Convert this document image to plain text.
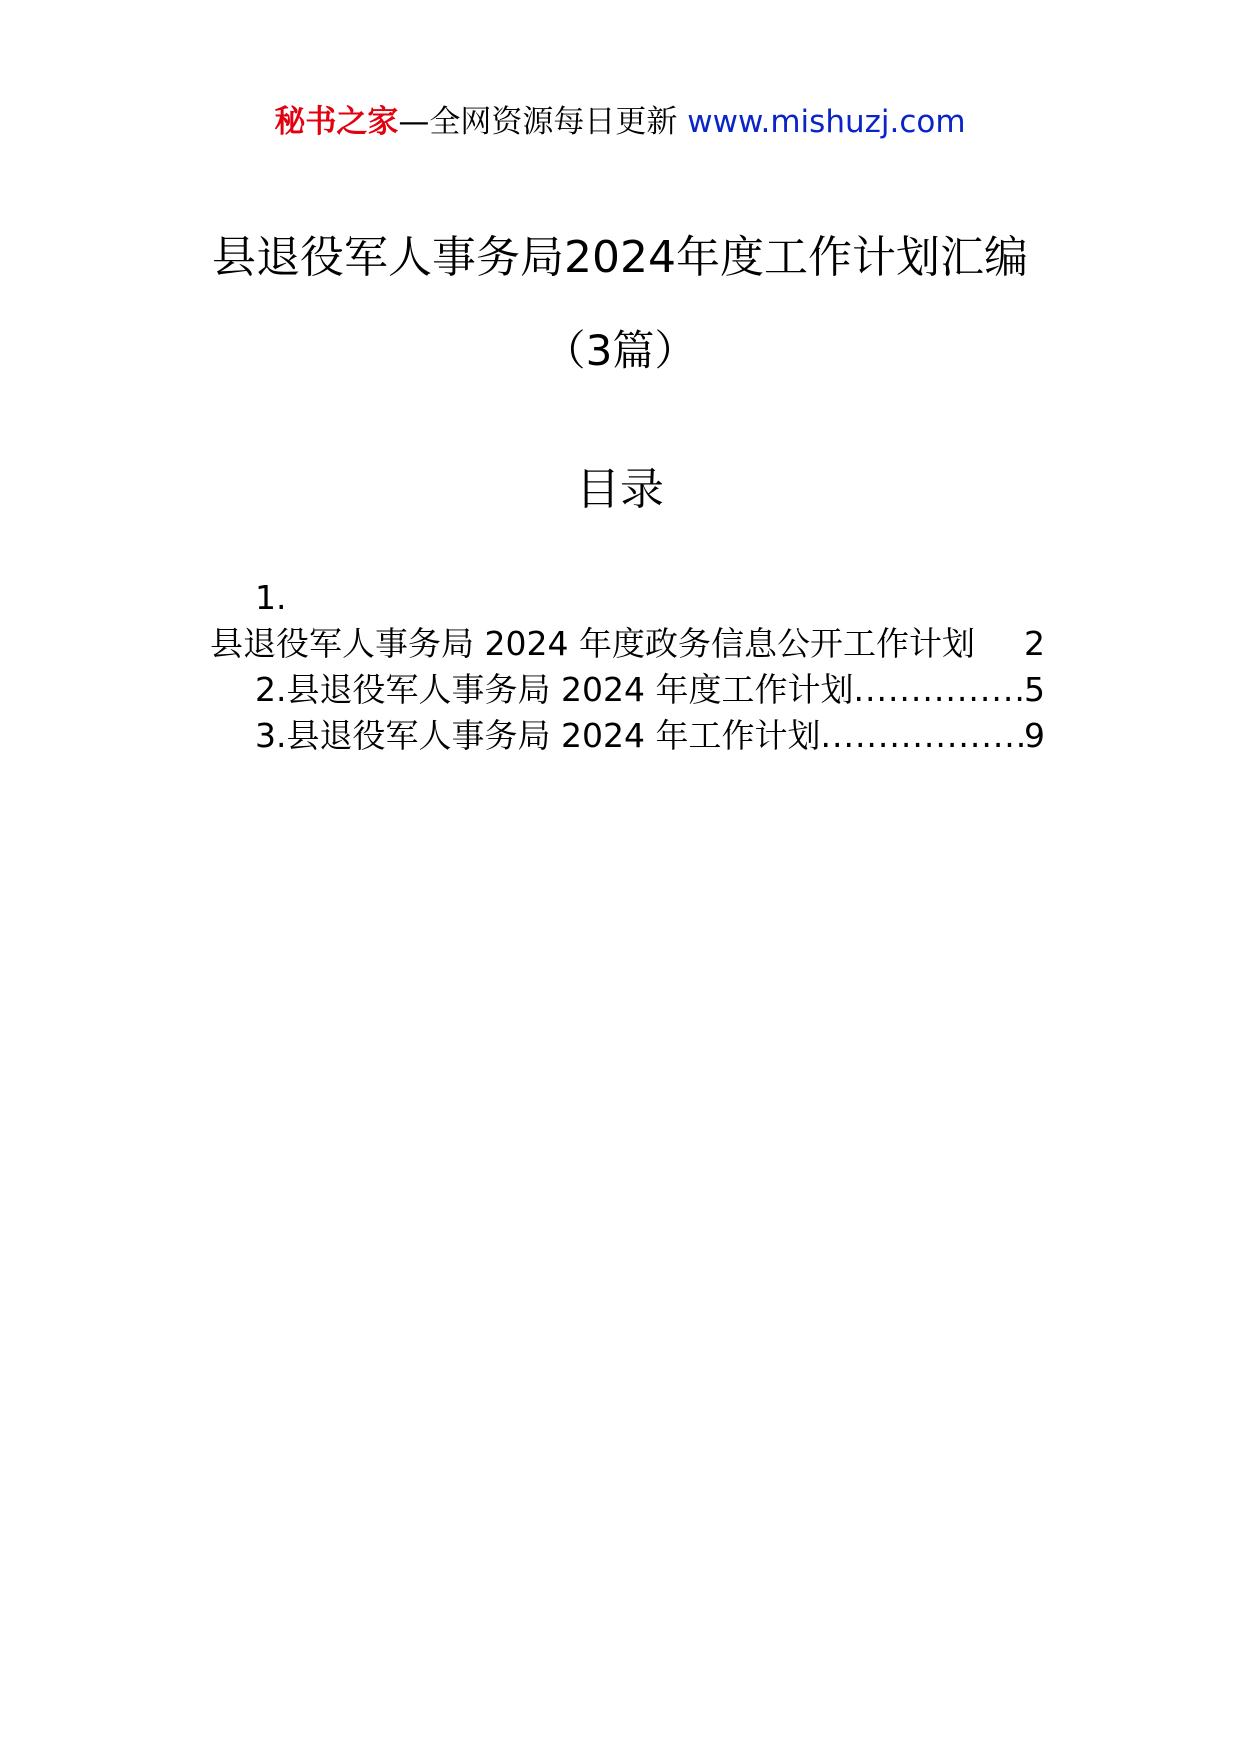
秘书之家—全网资源每日更新 www.mishuzj.com
县退役军人事务局2024年度工作计划汇编
（3篇）
目录
1.
县退役军人事务局 2024 年度政务信息公开工作计划 2
2. 县退役军人事务局 2024 年度工作计划 .....	5
3. 县退役军人事务局 2024 年工作计划 .....	9
